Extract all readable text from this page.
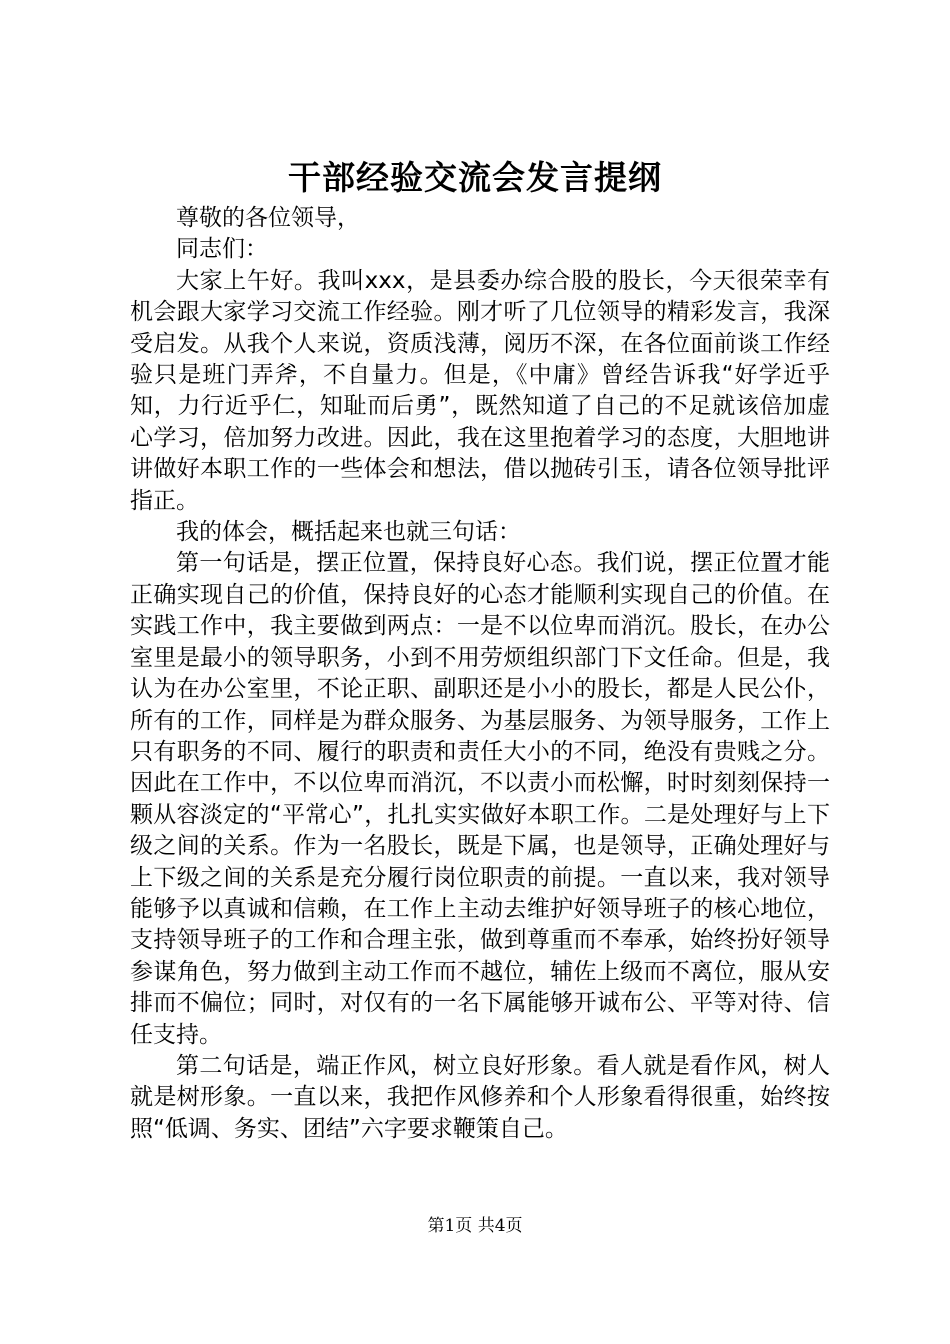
干部经验交流会发言提纲

尊敬的各位领导，

同志们：

大家上午好。我叫xxx，是县委办综合股的股长，今天很荣幸有机会跟大家学习交流工作经验。刚才听了几位领导的精彩发言，我深受启发。从我个人来说，资质浅薄，阅历不深，在各位面前谈工作经验只是班门弄斧，不自量力。但是，《中庸》曾经告诉我“好学近乎知，力行近乎仁，知耻而后勇”，既然知道了自己的不足就该倍加虚心学习，倍加努力改进。因此，我在这里抱着学习的态度，大胆地讲讲做好本职工作的一些体会和想法，借以抛砖引玉，请各位领导批评指正。

我的体会，概括起来也就三句话：

第一句话是，摆正位置，保持良好心态。我们说，摆正位置才能正确实现自己的价值，保持良好的心态才能顺利实现自己的价值。在实践工作中，我主要做到两点：一是不以位卑而消沉。股长，在办公室里是最小的领导职务，小到不用劳烦组织部门下文任命。但是，我认为在办公室里，不论正职、副职还是小小的股长，都是人民公仆，所有的工作，同样是为群众服务、为基层服务、为领导服务，工作上只有职务的不同、履行的职责和责任大小的不同，绝没有贵贱之分。因此在工作中，不以位卑而消沉，不以责小而松懈，时时刻刻保持一颗从容淡定的“平常心”，扎扎实实做好本职工作。二是处理好与上下级之间的关系。作为一名股长，既是下属，也是领导，正确处理好与上下级之间的关系是充分履行岗位职责的前提。一直以来，我对领导能够予以真诚和信赖，在工作上主动去维护好领导班子的核心地位，支持领导班子的工作和合理主张，做到尊重而不奉承，始终扮好领导参谋角色，努力做到主动工作而不越位，辅佐上级而不离位，服从安排而不偏位；同时，对仅有的一名下属能够开诚布公、平等对待、信任支持。

第二句话是，端正作风，树立良好形象。看人就是看作风，树人就是树形象。一直以来，我把作风修养和个人形象看得很重，始终按照“低调、务实、团结”六字要求鞭策自己。

第1页 共4页
